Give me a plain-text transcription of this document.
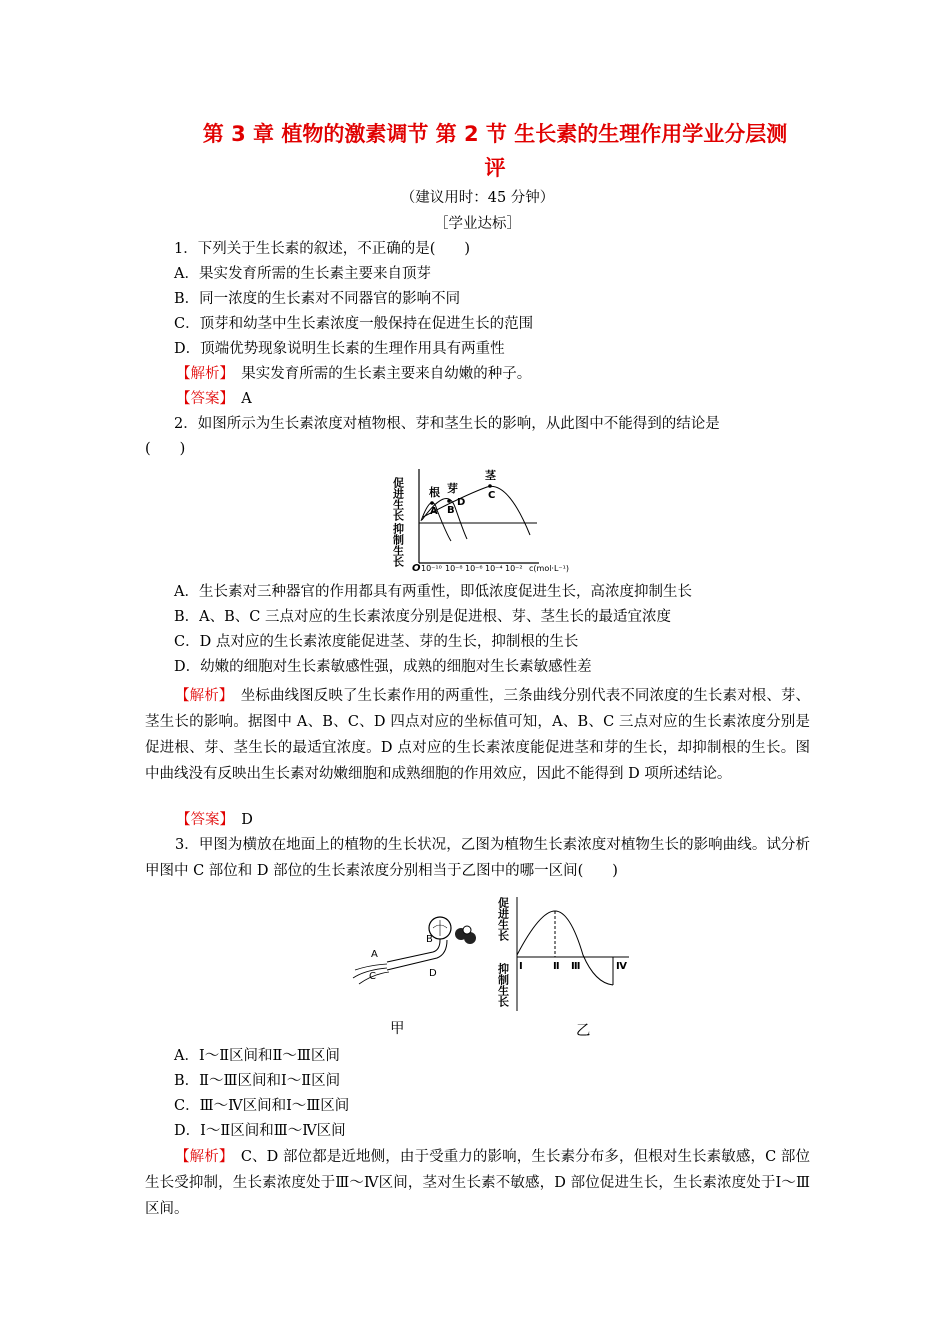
第 3 章 植物的激素调节 第 2 节 生长素的生理作用学业分层测
评
（建议用时：45 分钟）
［学业达标］
1．下列关于生长素的叙述，不正确的是(　　)
A．果实发育所需的生长素主要来自顶芽
B．同一浓度的生长素对不同器官的影响不同
C．顶芽和幼茎中生长素浓度一般保持在促进生长的范围
D．顶端优势现象说明生长素的生理作用具有两重性
【解析】　 果实发育所需的生长素主要来自幼嫩的种子。
【答案】　 A
2．如图所示为生长素浓度对植物根、芽和茎生长的影响，从此图中不能得到的结论是
(　　)
促进生长
抑制生长
根 芽
茎
A B
C
D
O 10⁻¹⁰ 10⁻⁸ 10⁻⁶ 10⁻⁴ 10⁻² c(mol·L⁻¹)
A．生长素对三种器官的作用都具有两重性，即低浓度促进生长，高浓度抑制生长
B．A、B、C 三点对应的生长素浓度分别是促进根、芽、茎生长的最适宜浓度
C．D 点对应的生长素浓度能促进茎、芽的生长，抑制根的生长
D．幼嫩的细胞对生长素敏感性强，成熟的细胞对生长素敏感性差
【解析】　 坐标曲线图反映了生长素作用的两重性，三条曲线分别代表不同浓度的生长素对根、芽、茎生长的影响。据图中 A、B、C、D 四点对应的坐标值可知，A、B、C 三点对应的生长素浓度分别是促进根、芽、茎生长的最适宜浓度。D 点对应的生长素浓度能促进茎和芽的生长，却抑制根的生长。图中曲线没有反映出生长素对幼嫩细胞和成熟细胞的作用效应，因此不能得到 D 项所述结论。
【答案】　 D
3．甲图为横放在地面上的植物的生长状况，乙图为植物生长素浓度对植物生长的影响曲线。试分析甲图中 C 部位和 D 部位的生长素浓度分别相当于乙图中的哪一区间(　　)
A
B
C	D
促进生长
抑制生长 Ⅰ	Ⅱ Ⅲ	Ⅳ
甲	乙
A．Ⅰ～Ⅱ区间和Ⅱ～Ⅲ区间
B．Ⅱ～Ⅲ区间和Ⅰ～Ⅱ区间
C．Ⅲ～Ⅳ区间和Ⅰ～Ⅲ区间
D．Ⅰ～Ⅱ区间和Ⅲ～Ⅳ区间
【解析】　 C、D 部位都是近地侧，由于受重力的影响，生长素分布多，但根对生长素敏感，C 部位生长受抑制，生长素浓度处于Ⅲ～Ⅳ区间，茎对生长素不敏感，D 部位促进生长，生长素浓度处于Ⅰ～Ⅲ区间。
